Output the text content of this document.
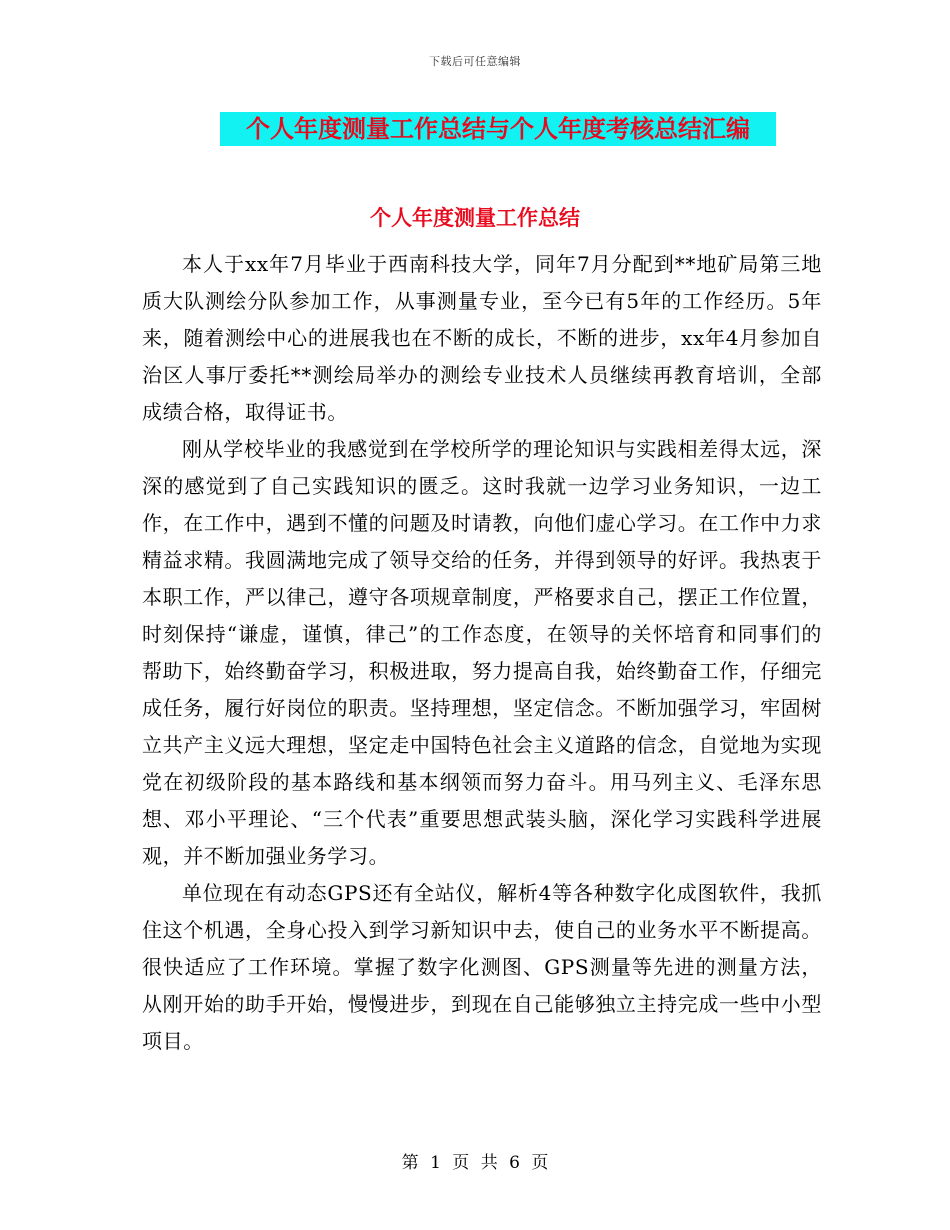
下载后可任意编辑
个人年度测量工作总结与个人年度考核总结汇编
个人年度测量工作总结

本人于xx年7月毕业于西南科技大学，同年7月分配到**地矿局第三地质大队测绘分队参加工作，从事测量专业，至今已有5年的工作经历。5年来，随着测绘中心的进展我也在不断的成长，不断的进步，xx年4月参加自治区人事厅委托**测绘局举办的测绘专业技术人员继续再教育培训，全部成绩合格，取得证书。

刚从学校毕业的我感觉到在学校所学的理论知识与实践相差得太远，深深的感觉到了自己实践知识的匮乏。这时我就一边学习业务知识，一边工作，在工作中，遇到不懂的问题及时请教，向他们虚心学习。在工作中力求精益求精。我圆满地完成了领导交给的任务，并得到领导的好评。我热衷于本职工作，严以律己，遵守各项规章制度，严格要求自己，摆正工作位置，时刻保持“谦虚，谨慎，律己”的工作态度，在领导的关怀培育和同事们的帮助下，始终勤奋学习，积极进取，努力提高自我，始终勤奋工作，仔细完成任务，履行好岗位的职责。坚持理想，坚定信念。不断加强学习，牢固树立共产主义远大理想，坚定走中国特色社会主义道路的信念，自觉地为实现党在初级阶段的基本路线和基本纲领而努力奋斗。用马列主义、毛泽东思想、邓小平理论、“三个代表”重要思想武装头脑，深化学习实践科学进展观，并不断加强业务学习。

单位现在有动态GPS还有全站仪，解析4等各种数字化成图软件，我抓住这个机遇，全身心投入到学习新知识中去，使自己的业务水平不断提高。很快适应了工作环境。掌握了数字化测图、GPS测量等先进的测量方法，从刚开始的助手开始，慢慢进步，到现在自己能够独立主持完成一些中小型项目。

第 1 页 共 6 页
